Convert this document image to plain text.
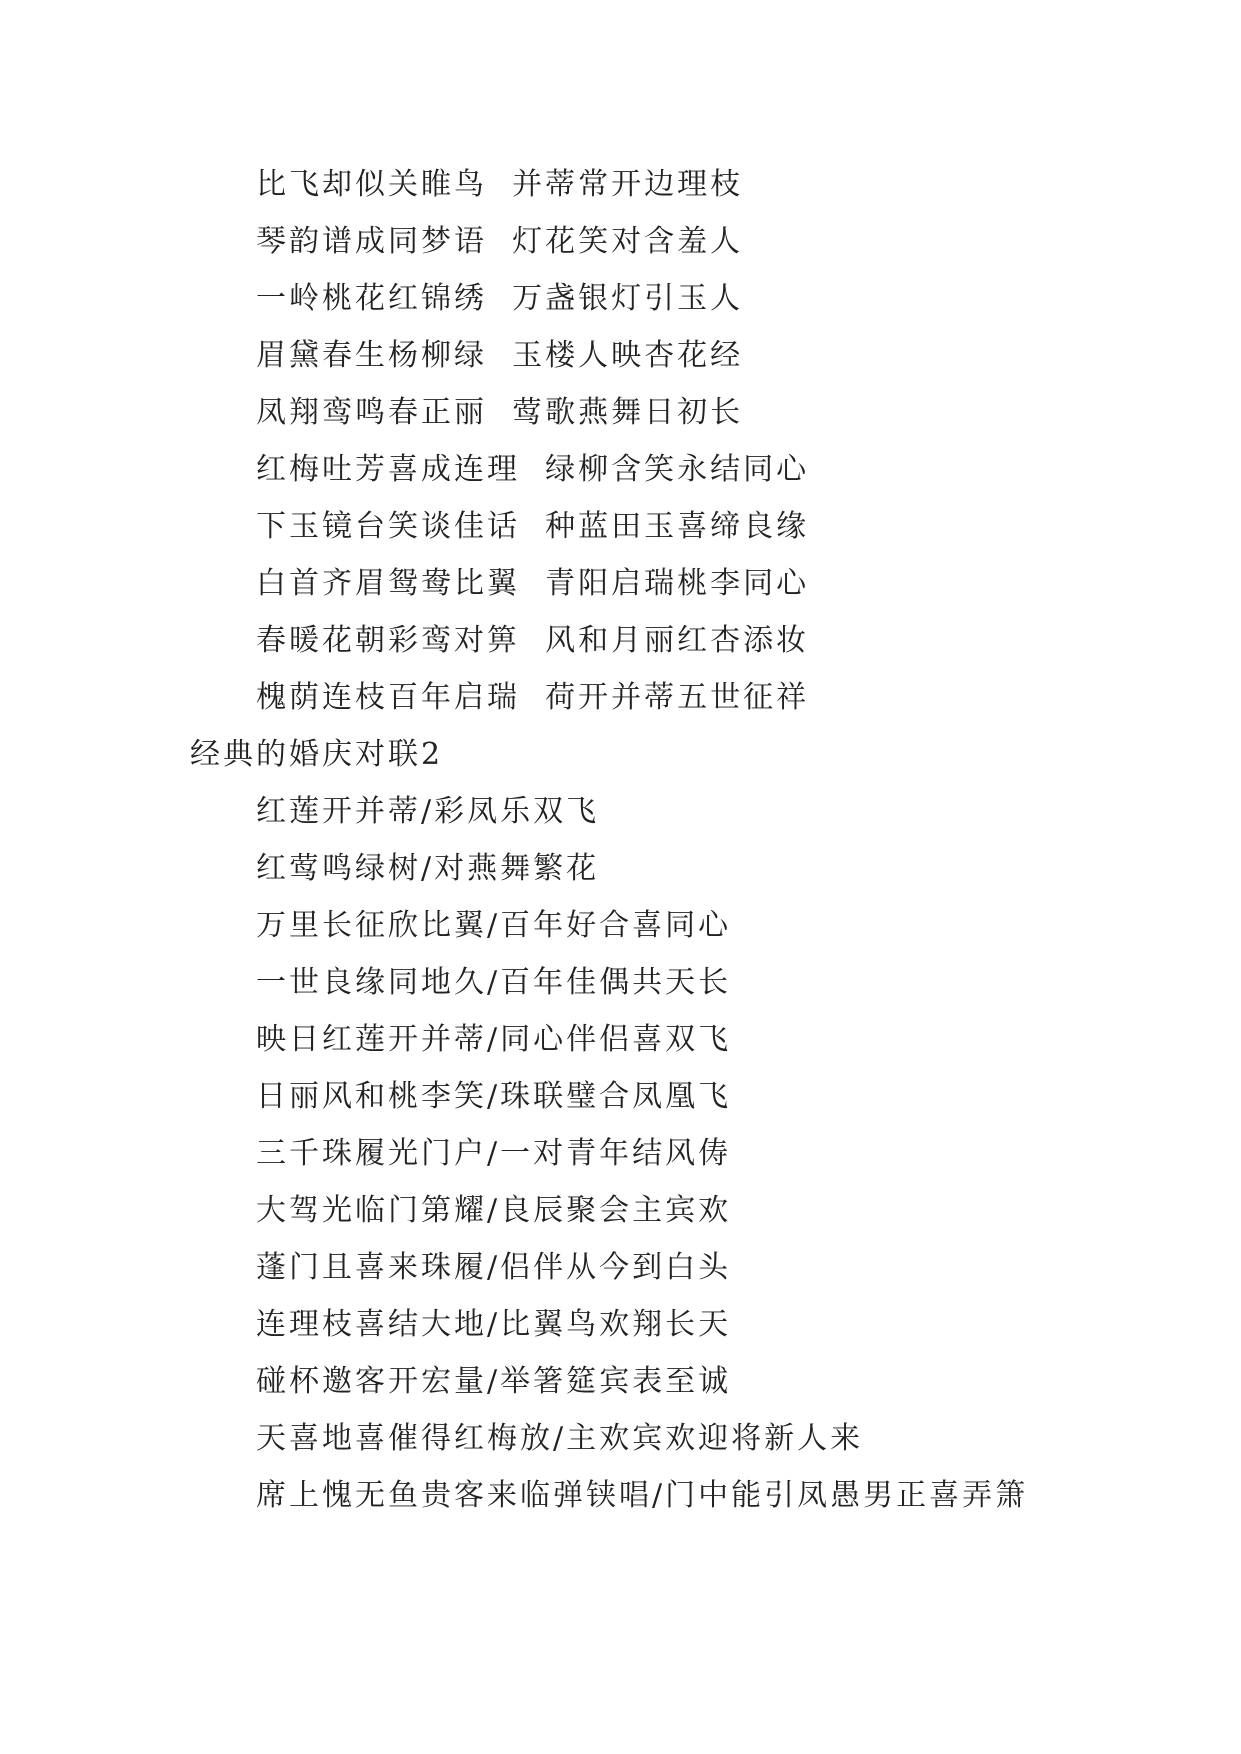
比飞却似关睢鸟  并蒂常开边理枝
琴韵谱成同梦语  灯花笑对含羞人
一岭桃花红锦绣  万盏银灯引玉人
眉黛春生杨柳绿  玉楼人映杏花经
凤翔鸾鸣春正丽  莺歌燕舞日初长
红梅吐芳喜成连理  绿柳含笑永结同心
下玉镜台笑谈佳话  种蓝田玉喜缔良缘
白首齐眉鸳鸯比翼  青阳启瑞桃李同心
春暖花朝彩鸾对箅  风和月丽红杏添妆
槐荫连枝百年启瑞  荷开并蒂五世征祥
经典的婚庆对联2
红莲开并蒂/彩凤乐双飞
红莺鸣绿树/对燕舞繁花
万里长征欣比翼/百年好合喜同心
一世良缘同地久/百年佳偶共天长
映日红莲开并蒂/同心伴侣喜双飞
日丽风和桃李笑/珠联璧合凤凰飞
三千珠履光门户/一对青年结风俦
大驾光临门第耀/良辰聚会主宾欢
蓬门且喜来珠履/侣伴从今到白头
连理枝喜结大地/比翼鸟欢翔长天
碰杯邀客开宏量/举箸筵宾表至诚
天喜地喜催得红梅放/主欢宾欢迎将新人来
席上愧无鱼贵客来临弹铗唱/门中能引凤愚男正喜弄箫
